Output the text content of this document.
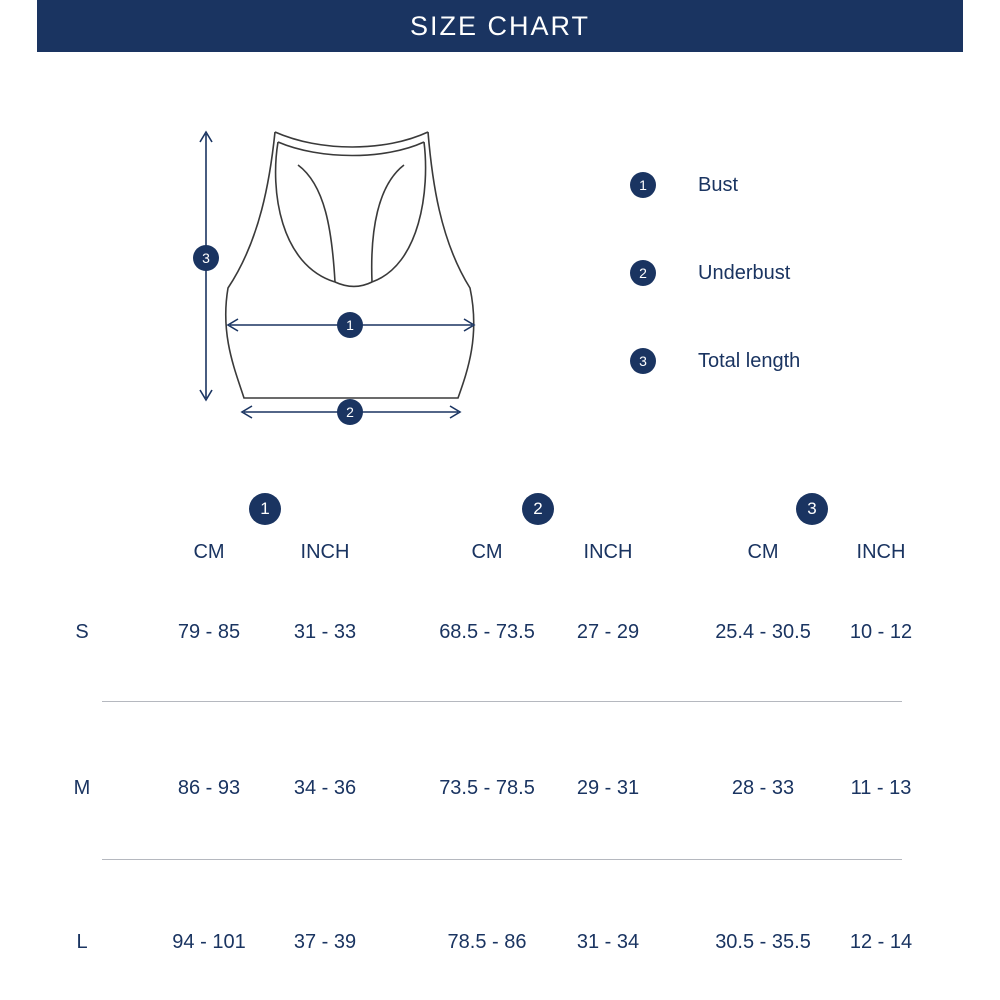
SIZE CHART
3
1
2
1	Bust
2	Underbust
3	Total length
1	2	3
CM	INCH	CM	INCH	CM	INCH
S	79 - 85	31 - 33	68.5 - 73.5	27 - 29	25.4 - 30.5	10 - 12
M	86 - 93	34 - 36	73.5 - 78.5	29 - 31	28 - 33	11 - 13
L	94 - 101	37 - 39	78.5 - 86	31 - 34	30.5 - 35.5	12 - 14
